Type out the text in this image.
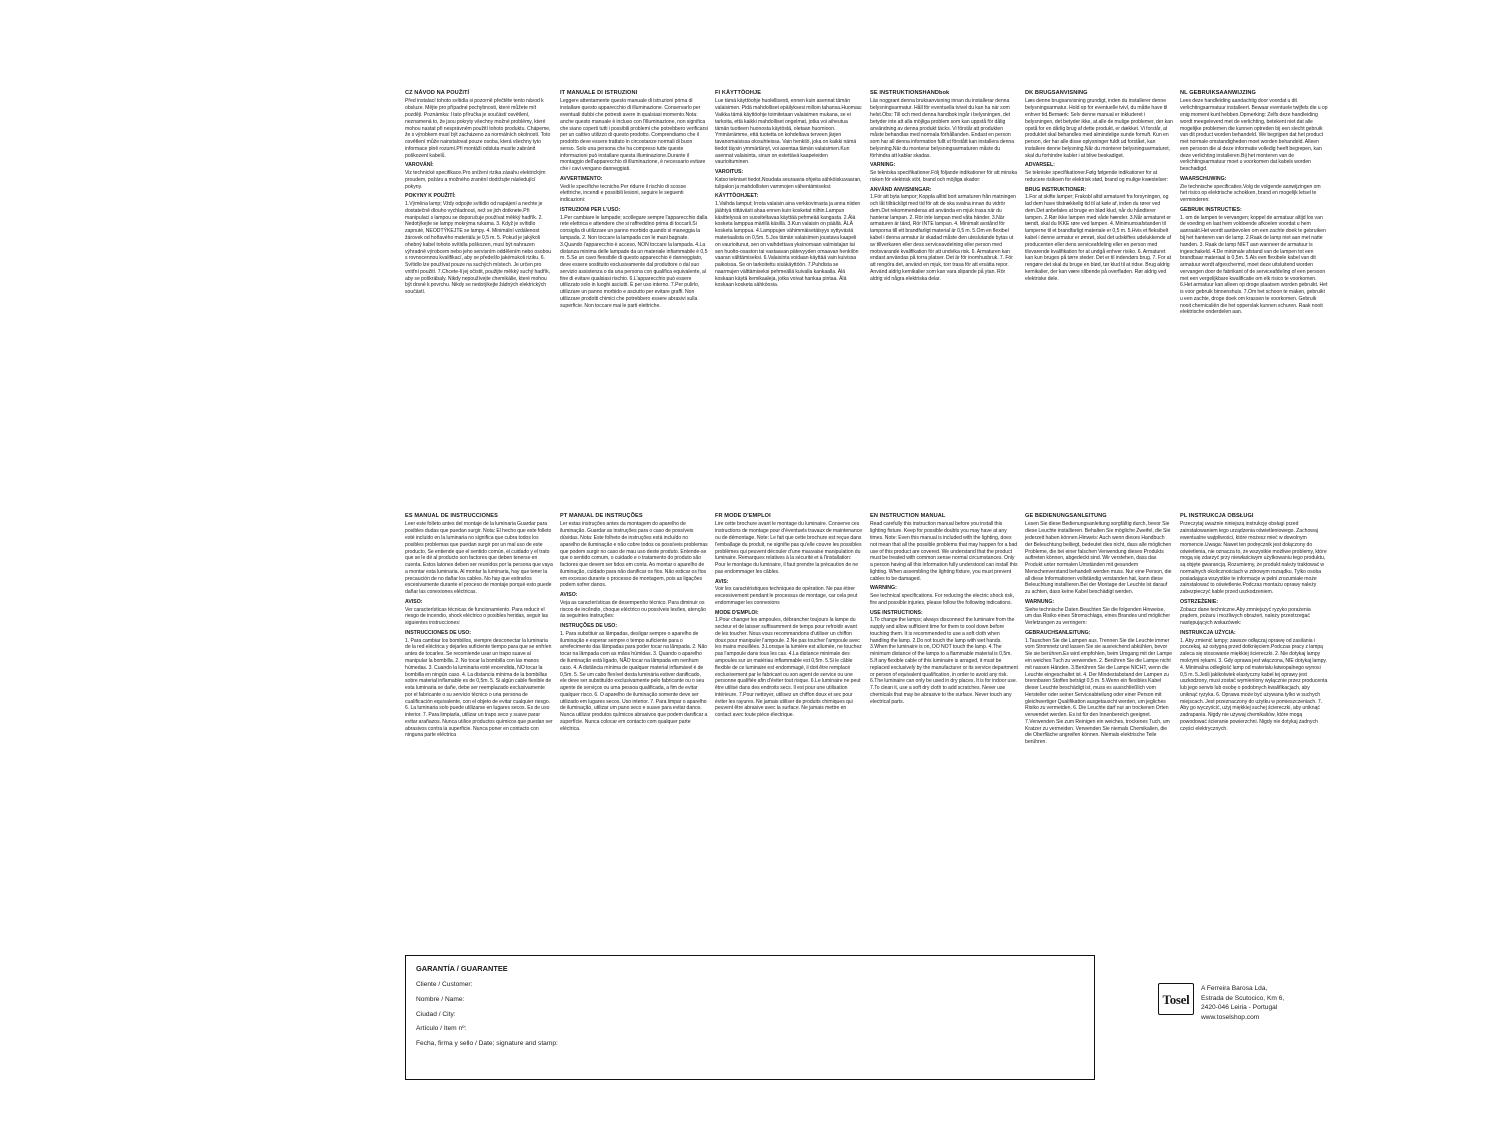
CZ NÁVOD NA POUŽITÍ

Před instalací tohoto svítidla si pozorně přečtěte tento návod k obsluze. Mějte pro případné pochybnosti, které můžete mít později. Poznámka: I tato příručka je součástí osvětlení, neznamená to, že jsou pokryty všechny možné problémy, které mohou nastat při nesprávném použití tohoto produktu. Chápeme, že s výrobkem musí být zacházeno za normálních okolností. Toto osvětlení může nainstalovat pouze osoba, která všechny tyto informace plně rozumí.Při montáži odsluta musíte zabránit poškození kabelů.

VAROVÁNÍ:

Viz technické specifikace.Pro snížení rizika zásahu elektrickým proudem, požáru a možného zranění dodržujte následující pokyny.

POKYNY K POUŽITÍ:

1.Výměna lamp; Vždy odpojte svítidlo od napájení a nechte je dostatečně dlouho vychladnout, než se jich dotknete.Při manipulaci s lampou se doporučuje používat měkký hadřík. 2. Nedotýkejte se lampy mokrýma rukama. 3. Když je svítidlo zapnuté, NEODTÝKEJTE se lampy. 4. Minimální vzdálenost žárovek od hořlavého materiálu je 0,5 m. 5. Pokud je jakýkoli ohebný kabel tohoto svítidla poškozen, musí být nahrazen výhradně výrobcem nebo jeho servisním oddělením nebo osobou s rovnocennou kvalifikací, aby se předešlo jakémukoli riziku. 6. Svítidlo lze používat pouze na suchých místech. Je určen pro vnitřní použití. 7.Chcete-li jej očistit, použijte měkký suchý hadřík, aby se poškrábaly. Nikdy nepoužívejte chemikálie, které mohou být drsné k povrchu. Nikdy se nedotýkejte žádných elektrických součástí.

IT MANUALE DI ISTRUZIONI

Leggere attentamente questo manuale di istruzioni prima di installare questo apparecchio di illuminazione. Conservarlo per eventuali dubbi che potresti avere in qualsiasi momento.Nota: anche questo manuale è incluso con l'illuminazione, non significa che siano coperti tutti i possibili problemi che potrebbero verificarsi per un cattivo utilizzo di questo prodotto. Comprendiamo che il prodotto deve essere trattato in circostanze normali di buon senso. Solo una persona che ha compreso tutte queste informazioni può installare questa illuminazione.Durante il montaggio dell'apparecchio di illuminazione, è necessario evitare che i cavi vengano danneggiati.

AVVERTIMENTO:

Vedi le specifiche tecniche.Per ridurre il rischio di scosse elettriche, incendi e possibili lesioni, seguire le seguenti indicazioni:

ISTRUZIONI PER L'USO:

1.Per cambiare le lampade; scollegare sempre l'apparecchio dalla rete elettrica e attendere che si raffreddino prima di toccarli.Si consiglia di utilizzare un panno morbido quando si maneggia la lampada. 2. Non toccare la lampada con le mani bagnate. 3.Quando l'apparecchio è acceso, NON toccare la lampada. 4.La distanza minima delle lampade da un materiale infiammabile è 0,5 m. 5.Se un cavo flessibile di questo apparecchio è danneggiato, deve essere sostituito esclusivamente dal produttore o dal suo servizio assistenza o da una persona con qualifica equivalente, al fine di evitare qualsiasi rischio. 6.L'apparecchio può essere utilizzato solo in luoghi asciutti. È per uso interno. 7.Per pulirlo, utilizzare un panno morbido e asciutto per evitare graffi. Non utilizzare prodotti chimici che potrebbero essere abrasivi sulla superficie. Non toccare mai le parti elettriche.

FI KÄYTTÖOHJE

Lue tämä käyttöohje huolellisesti, ennen kuin asennat tämän valaisimen. Pidä mahdolliset epäilyksesi milloin tahansa.Huomaa: Vaikka tämä käyttöohje toimitetaan valaisimen mukana, se ei tarkoita, että kaikki mahdolliset ongelmat, jotka voi aiheutua tämän tuotteen huonosta käytöstä, oletaan huomioon. Ymmärrämme, että tuotetta on kohdeltava terveen järjen tavanomaisissa olosuhteissa. Vain henkilö, joka on kaikki nämä tiedot täysin ymmärtänyt, voi asentaa tämän valaisimen.Kun asennat valaisinta, sinun on estettävä kaapeleiden vaurioituminen.

VAROITUS:

Katso tekniset tiedot.Noudata seuraavia ohjeita sähköiskuvaaran, tulipalon ja mahdollisten vammojen vähentämiseksi:

KÄYTTÖOHJEET:

1.Vaihda lamput; Irrota valaisin aina verkkovirrasta ja anna niiden jäähtyä riittävästi ahaa ennen kuin kosketat niihin.Lampun käsittelyssä on suositeltavaa käyttää pehmeää kangasta. 2.Älä kosketa lamppua märillä käsillä. 3.Kun valaisin on päällä. ÄLÄ kosketa lamppua. 4.Lamppujen vähimmäisetäisyys syttyvästä materiaalista on 0,5m. 5.Jos tämän valaisimen joustava kaapeli on vaurioitunut, sen on vaihdettava yksinomaan valmistajan tai sen huolto-osaston tai vastaavan pätevyyden omaavan henkilön vaaran välttämiseksi. 6.Valaisinta voidaan käyttää vain kuivissa paikoissa. Se on tarkoitettu sisäkäyttöön. 7.Puhdista se naarmujen välttämiseksi pehmeällä kuivalla kankaalla. Älä koskaan käytä kemikaaleja, jotka voivat hankaa pintaa. Älä koskaan kosketa sähköosia.

SE INSTRUKTIONSHANDbok

Läs noggrant denna bruksanvisning innan du installerar denna belysningsarmatur. Håll för eventuella tvivel du kan ha när som helst.Obs: Till och med denna handbok ingår i belysningen, det betyder inte att alla möjliga problem som kan uppstå för dålig användning av denna produkt täcks. Vi förstår att produkten måste behandlas med normala förhållanden. Endast en person som har all denna information fullt ut förstått kan installera denna belysning.När du monterar belysningsarmaturen måste du förhindra att kablar skadas.

VARNING:

Se tekniska specifikationer.Följ följande indikationer för att minska risken för elektrisk stöt, brand och möjliga skador:

ANVÄND ANVISNINGAR:

1.För att byta lampor; Koppla alltid bort armaturen från matningen och låt tillräckligt med tid för att de ska svalna innan du vidrör dem.Det rekommenderas att använda en mjuk trasa när du hanterar lampan. 2. Rör inte lampan med våta händer. 3.När armaturen är tänd, Rör INTE lampan. 4. Minimalt avstånd för lamporna till ett brandfarligt material är 0,5 m. 5.Om en flexibel kabel i denna armatur är skadad måste den uteslutande bytas ut av tillverkaren eller dess serviceavdelning eller person med motsvarande kvalifikation för att undvika risk. 6. Armaturen kan endast användas på torra platser. Det är för inomhusbruk. 7. För att rengöra det, använd en mjuk, torr trasa för att ersätta repor. Använd aldrig kemikalier som kan vara slipande på ytan. Rör aldrig vid några elektriska delar.

DK BRUGSANVISNING

Læs denne brugsanvisning grundigt, inden du installerer denne belysningsarmatur. Hold op for eventuelle tvivl, du måtte have til enhver tid.Bemærk: Selv denne manual er inkluderet i belysningen, det betyder ikke, at alle de mulige problemer, der kan opstå for en dårlig brug af dette produkt, er dækket. Vi forstår, at produktet skal behandles med almindelige sunde fornuft. Kun en person, der har alle disse oplysninger fuldt ud forstået, kan installere denne belysning.Når du monterer belysningsarmaturet, skal du forhindre kabler i at blive beskadiget.

ADVARSEL:

Se tekniske specifikationer.Følg følgende indikationer for at reducere risikoen for elektrisk stød, brand og mulige kvæstelser:

BRUG INSTRUKTIONER:

1.For at skifte lamper; Frakobl altid armaturet fra forsyningen, og lad dem have tilstrækkelig tid til at køle af, inden du rører ved dem.Det anbefales at bruge en blød klud, når du håndterer lampen. 2.Rør ikke lampen med våde hænder. 3.Når armaturet er tændt, skal du IKKE røre ved lampen. 4. Minimumsafstanden til lamperne til et brandfarligt materiale er 0,5 m. 5.Hvis et fleksibelt kabel i denne armatur er ømrøt, skal det udskiftes udelukkende af producenten eller dens serviceafdeling eller en person med tilsvarende kvalifikation for at undgå enhver risiko. 6. Armaturet kan kun bruges på tørre steder. Det er til indendørs brug. 7. For at rengøre det skal du bruge en blød, tør klud til at ridse. Brug aldrig kemikalier, der kan være slibende på overfladen. Rør aldrig ved elektriske dele.

NL GEBRUIKSAANWIJZING

Lees deze handleiding aandachtig door voordat u dit verlichtingsarmatuur installeert. Bewaar eventuele twijfels die u op enig moment kunt hebben.Opmerking: Zelfs deze handleiding wordt meegeleverd met de verlichting, betekent niet dat alle mogelijke problemen die kunnen optreden bij een slecht gebruik van dit product worden behandeld. We begrijpen dat het product met normale omstandigheden moet worden behandeld. Alleen een persoon die al deze informatie volledig heeft begrepen, kan deze verlichting installeren.Bij het monteren van de verlichtingsarmatuur moet u voorkomen dat kabels worden beschadigd.

WAARSCHUWING:

Zie technische specificaties.Volg de volgende aanwijzingen om het risico op elektrische schokken, brand en mogelijk letsel te verminderen:

GEBRUIK INSTRUCTIES:

1. om de lampen te vervangen; koppel de armatuur altijd los van de voeding en laat hem voldoende afkoelen voordat u hem aanraakt.Het wordt aanbevolen om een zachte doek te gebruiken bij het hanteren van de lamp. 2.Raak de lamp niet aan met natte handen. 3. Raak de lamp NIET aan wanneer de armatuur is ingeschakeld. 4.De minimale afstand van de lampen tot een brandbaar materiaal is 0,5m. 5.Als een flexibele kabel van dit armatuur wordt afgeschermd, moet deze uitsluitend worden vervangen door de fabrikant of de serviceafdeling of een persoon met een vergelijkbare kwalificatie om elk risico te voorkomen. 6.Het armatuur kan alleen op droge plaatsen worden gebruikt. Het is voor gebruik binnenshuis. 7.Om het schoon te maken, gebruikt u een zachte, droge doek om krassen te voorkomen. Gebruik nooit chemicaliën die het oppervlak kunnen schuren. Raak nooit elektrische onderdelen aan.

ES MANUAL DE INSTRUCCIONES

Leer este folleto antes del montaje de la luminaria Guardar para posibles dudas que puedan surgir. Nota: El hecho que este folleto esté incluido en la luminaria no significa que cubra todos los posibles problemas que puedan surgir por un mal uso de este producto. Se entiende que el sentido común, el cuidado y el trato que se le dé al producto son factores que deben tenerse en cuenta. Estos latones deben ser reunidos por la persona que vaya a montar esta luminaria. Al montar la luminaria, hay que tener la precaución de no dañar los cables. No hay que estirarlos excesivamente durante el proceso de montaje porqué esto puede dañar las conexiones eléctricas.

AVISO:

Ver características técnicas de funcionamiento. Para reducir el riesgo de incendio, shock eléctrico o posibles heridas, seguir las siguientes instrucciones:

INSTRUCCIONES DE USO:

1. Para cambiar los bombillos, siempre desconectar la luminaria de la red eléctrica y dejarles suficiente tiempo para que se enfríen antes de tocarles. Se recomiende usar un trapo suave al manipular la bombilla. 2. No tocar la bombilla con las manos húmedas. 3. Cuando la luminaria esté encendida, NO tocar la bombilla en ningún caso. 4. La distancia mínima de la bombillas sobre material inflamable es de 0,5m. 5. Si algún cable flexible de esta luminaria se dañe, debe ser reemplazado exclusivamente por el fabricante o su servicio técnico o una persona de cualificación equivalente, con el objeto de evitar cualquier riesgo. 6. La luminaria solo puede utilizarse en lugares secos. Es de uso interior. 7. Para limpiarla, utilizar un trapo seco y suave parar evitar arañazos. Nunca utilice productos químicos que puedan ser abrasivos contra la superficie. Nunca poner en contacto con ninguna parte eléctrica

PT MANUAL DE INSTRUÇÕES

Ler estas instruções antes da montagem do aparelho de iluminação. Guardar as instruções para o caso de possíveis dúvidas. Nota: Este folheto de instruções está incluído no aparelho de iluminação e não cobre todos os possíveis problemas que podem surgir no caso de mau uso deste produto. Entende-se que o sentido comum, o cuidado e o tratamento do produto são factores que devem ser tidos em conta. Ao montar o aparelho de iluminação, cuidado para não danificar os fios. Não esticar os fios em excesso durante o processo de montagem, pois as ligações podem sofrer danos.

AVISO:

Veja as características de desempenho técnico. Para diminuir os riscos de incêndio, choque eléctrico ou possíveis lesões, atenção às seguintes instruções:

INSTRUÇÕES DE USO:

1. Para substituir as lâmpadas, desligar sempre o aparelho de iluminação e esperar sempre o tempo suficiente para o arrefecimento das lâmpadas para poder tocar na lâmpada. 2. Não tocar na lâmpada com as mãos húmidas. 3. Quando o aparelho de iluminação está ligado, NÃO tocar na lâmpada em nenhum caso. 4. A distância mínima de qualquer material inflamável é de 0,5m. 5. Se um cabo flexível desta luminária estiver danificado, ele deve ser substituído exclusivamente pelo fabricante ou o seu agente de serviços ou uma pessoa qualificada, a fim de evitar qualquer risco. 6. O aparelho de iluminação somente deve ser utilizado em lugares secos. Uso interior. 7. Para limpar o aparelho de iluminação, utilizar um pano seco e suave para evitar danos. Nunca utilizar produtos químicos abrasivos que podem danificar a superfície. Nunca colocar em contacto com qualquer parte eléctrica.

FR MODE D'EMPLOI

Lire cette brochure avant le montage du luminaire. Conserve ces instructions de montage pour d'éventuels travaux de maintenance ou de démontage. Note: Le fait que cette brochure est reçue dans l'emballage du produit, ne signifie pas qu'elle couvre les possibles problèmes qui peuvent découler d'une mauvaise manipulation du luminaire. Remarques relatives à la sécurité et à l'installation: Pour le montage du luminaire, il faut prendre la précaution de ne pas endommager les câbles.

AVIS:

Voir les caractéristiques techniques de opération. Ne pas étirer excessivement pendant le processus de montage, car cela peut endommager les connexions

MODE D'EMPLOI:

1.Pour changer les ampoules, débrancher toujours la lampe du secteur et de laisser suffisamment de temps pour refroidir avant de les toucher. Nous vous recommandons d'utiliser un chiffon doux pour manipuler l'ampoule. 2.Ne pas toucher l'ampoule avec les mains mouillées. 3.Lorsque la lumière est allumée, ne touchez pas l'ampoule dans tous les cas. 4.La distance minimale des ampoules sur un matériau inflammable est 0,5m. 5.Si le câble flexible de ce luminaire est endommagé, il doit être remplacé exclusivement par le fabricant ou son agent de service ou une personne qualifiée afin d'éviter tout risque. 6.Le luminaire ne peut être utilisé dans des endroits secs. Il est pour une utilisation intérieure. 7.Pour nettoyer, utilisez un chiffon doux et sec pour éviter les rayures. Ne jamais utiliser de produits chimiques qui peuvent être abrasive avec la surface. Ne jamais mettre en contact avec toute pièce électrique.

EN INSTRUCTION MANUAL

Read carefully this instruction manual before you install this lighting fixture. Keep for possible doubts you may have at any times. Note: Even this manual is included with the lighting, does not mean that all the possible problems that may happen for a bad use of this product are covered. We understand that the product must be treated with common sense normal circumstances. Only a person having all this information fully understood can install this lighting. When assembling the lighting fixture, you must prevent cables to be damaged.

WARNING:

See technical specifications. For reducing the electric shock risk, fire and possible injuries, please follow the following indications.

USE INSTRUCTIONS:

1.To change the lamps; always disconnect the luminaire from the supply and allow sufficient time for them to cool down before touching them. It is recommended to use a soft cloth when handling the lamp. 2.Do not touch the lamp with wet hands. 3.When the luminaire is on, DO NOT touch the lamp. 4.The minimum distance of the lamps to a flammable material is 0,5m. 5.If any flexible cable of this luminaire is arraged, it must be replaced exclusively by the manufacturer or its service department or person of equivalent qualification, in order to avoid any risk. 6.The luminaire can only be used in dry places. It is for indoor use. 7.To clean it, use a soft dry cloth to add scratches. Never use chemicals that may be abrasive to the surface. Never touch any electrical parts.

GE BEDIENUNGSANLEITUNG

Lesen Sie diese Bedienungsanleitung sorgfältig durch, bevor Sie diese Leuchte installieren. Behalten Sie mögliche Zweifel, die Sie jederzeit haben können.Hinweis: Auch wenn dieses Handbuch der Beleuchtung beiliegt, bedeutet dies nicht, dass alle möglichen Probleme, die bei einer falschen Verwendung dieses Produkts auftreten können, abgedeckt sind. Wir verstehen, dass das Produkt unter normalen Umständen mit gesundem Menschenverstand behandelt werden muss. Nur eine Person, die all diese Informationen vollständig verstanden hat, kann diese Beleuchtung installieren.Bei der Montage der Leuchte ist darauf zu achten, dass keine Kabel beschädigt werden.

WARNUNG:

Siehe technische Daten.Beachten Sie die folgenden Hinweise, um das Risiko eines Stromschlags, eines Brandes und möglicher Verletzungen zu verringern:

GEBRAUCHSANLEITUNG:

1.Tauschen Sie die Lampen aus. Trennen Sie die Leuchte immer vom Stromnetz und lassen Sie sie ausreichend abkühlen, bevor Sie sie berühren.Es wird empfohlen, beim Umgang mit der Lampe ein weiches Tuch zu verwenden. 2. Berühren Sie die Lampe nicht mit nassen Händen. 3.Berühren Sie die Lampe NICHT, wenn die Leuchte eingeschaltet ist. 4. Der Mindestabstand der Lampen zu brennbaren Stoffen beträgt 0,5 m. 5.Wenn ein flexibles Kabel dieser Leuchte beschädigt ist, muss es ausschließlich vom Hersteller oder seiner Serviceabteilung oder einer Person mit gleichwertiger Qualifikation ausgetauscht werden, um jegliches Risiko zu vermeiden. 6. Die Leuchte darf nur an trockenen Orten verwendet werden. Es ist für den Innenbereich geeignet. 7.Verwenden Sie zum Reinigen ein weiches, trockenes Tuch, um Kratzer zu vermeiden. Verwenden Sie niemals Chemikalien, die die Oberfläche angreifen können. Niemals elektrische Teile berühren.

PL INSTRUKCJA OBSŁUGI

Przeczytaj uważnie niniejszą instrukcję obsługi przed zainstalowaniem tego urządzenia oświetleniowego. Zachowaj ewentualne wątpliwości, które możesz mieć w dowolnym momencie.Uwaga: Nawet ten podręcznik jest dołączony do oświetlenia, nie oznacza to, że wszystkie możliwe problemy, które mogą się zdarzyć przy niewłaściwym użytkowaniu tego produktu, są objęte gwarancją. Rozumiemy, że produkt należy traktować w normalnych okolicznościach w zdrowym rozsądku. Tylko osoba posiadająca wszystkie te informacje w pełni zrozumiałe może zainstalować to oświetlenie.Podczas montażu oprawy należy zabezpieczyć kable przed uszkodzeniem.

OSTRZEŻENIE:

Zobacz dane techniczne.Aby zmniejszyć ryzyko porażenia prądem, pożaru i możliwych obrażeń, należy przestrzegać następujących wskazówek:

INSTRUKCJA UŻYCIA:

1. Aby zmienić lampy; zawsze odłączaj oprawę od zasilania i poczekaj, aż ostygną przed dotknięciem.Podczas pracy z lampą zaleca się stosowanie miękkiej ściereczki. 2. Nie dotykaj lampy mokrymi rękami. 3. Gdy oprawa jest włączona, NIE dotykaj lampy. 4. Minimalna odległość lamp od materiału łatwopalnego wynosi 0,5 m. 5.Jeśli jakikolwiek elastyczny kabel tej oprawy jest uszkodzony, musi zostać wymieniony wyłącznie przez producenta lub jego serwis lub osobę o podobnych kwalifikacjach, aby uniknąć ryzyka. 6. Oprawa może być używana tylko w suchych miejscach. Jest przeznaczony do użytku w pomieszczeniach. 7. Aby go wyczyścić, użyj miękkiej suchej ściereczki, aby uniknąć zadrapania. Nigdy nie używaj chemikaliów, które mogą powodować ścieranie powierzchni. Nigdy nie dotykaj żadnych części elektrycznych.

GARANTÍA / GUARANTEE
Cliente / Customer:
Nombre / Name:
Ciudad / City:
Artículo / Item nº:
Fecha, firma y sello / Date; signature and stamp:
Tosel
A Ferreira Barosa Lda,
Estrada de Scutocico, Km 6,
2420-046 Leiria - Portugal
www.toselshop.com
